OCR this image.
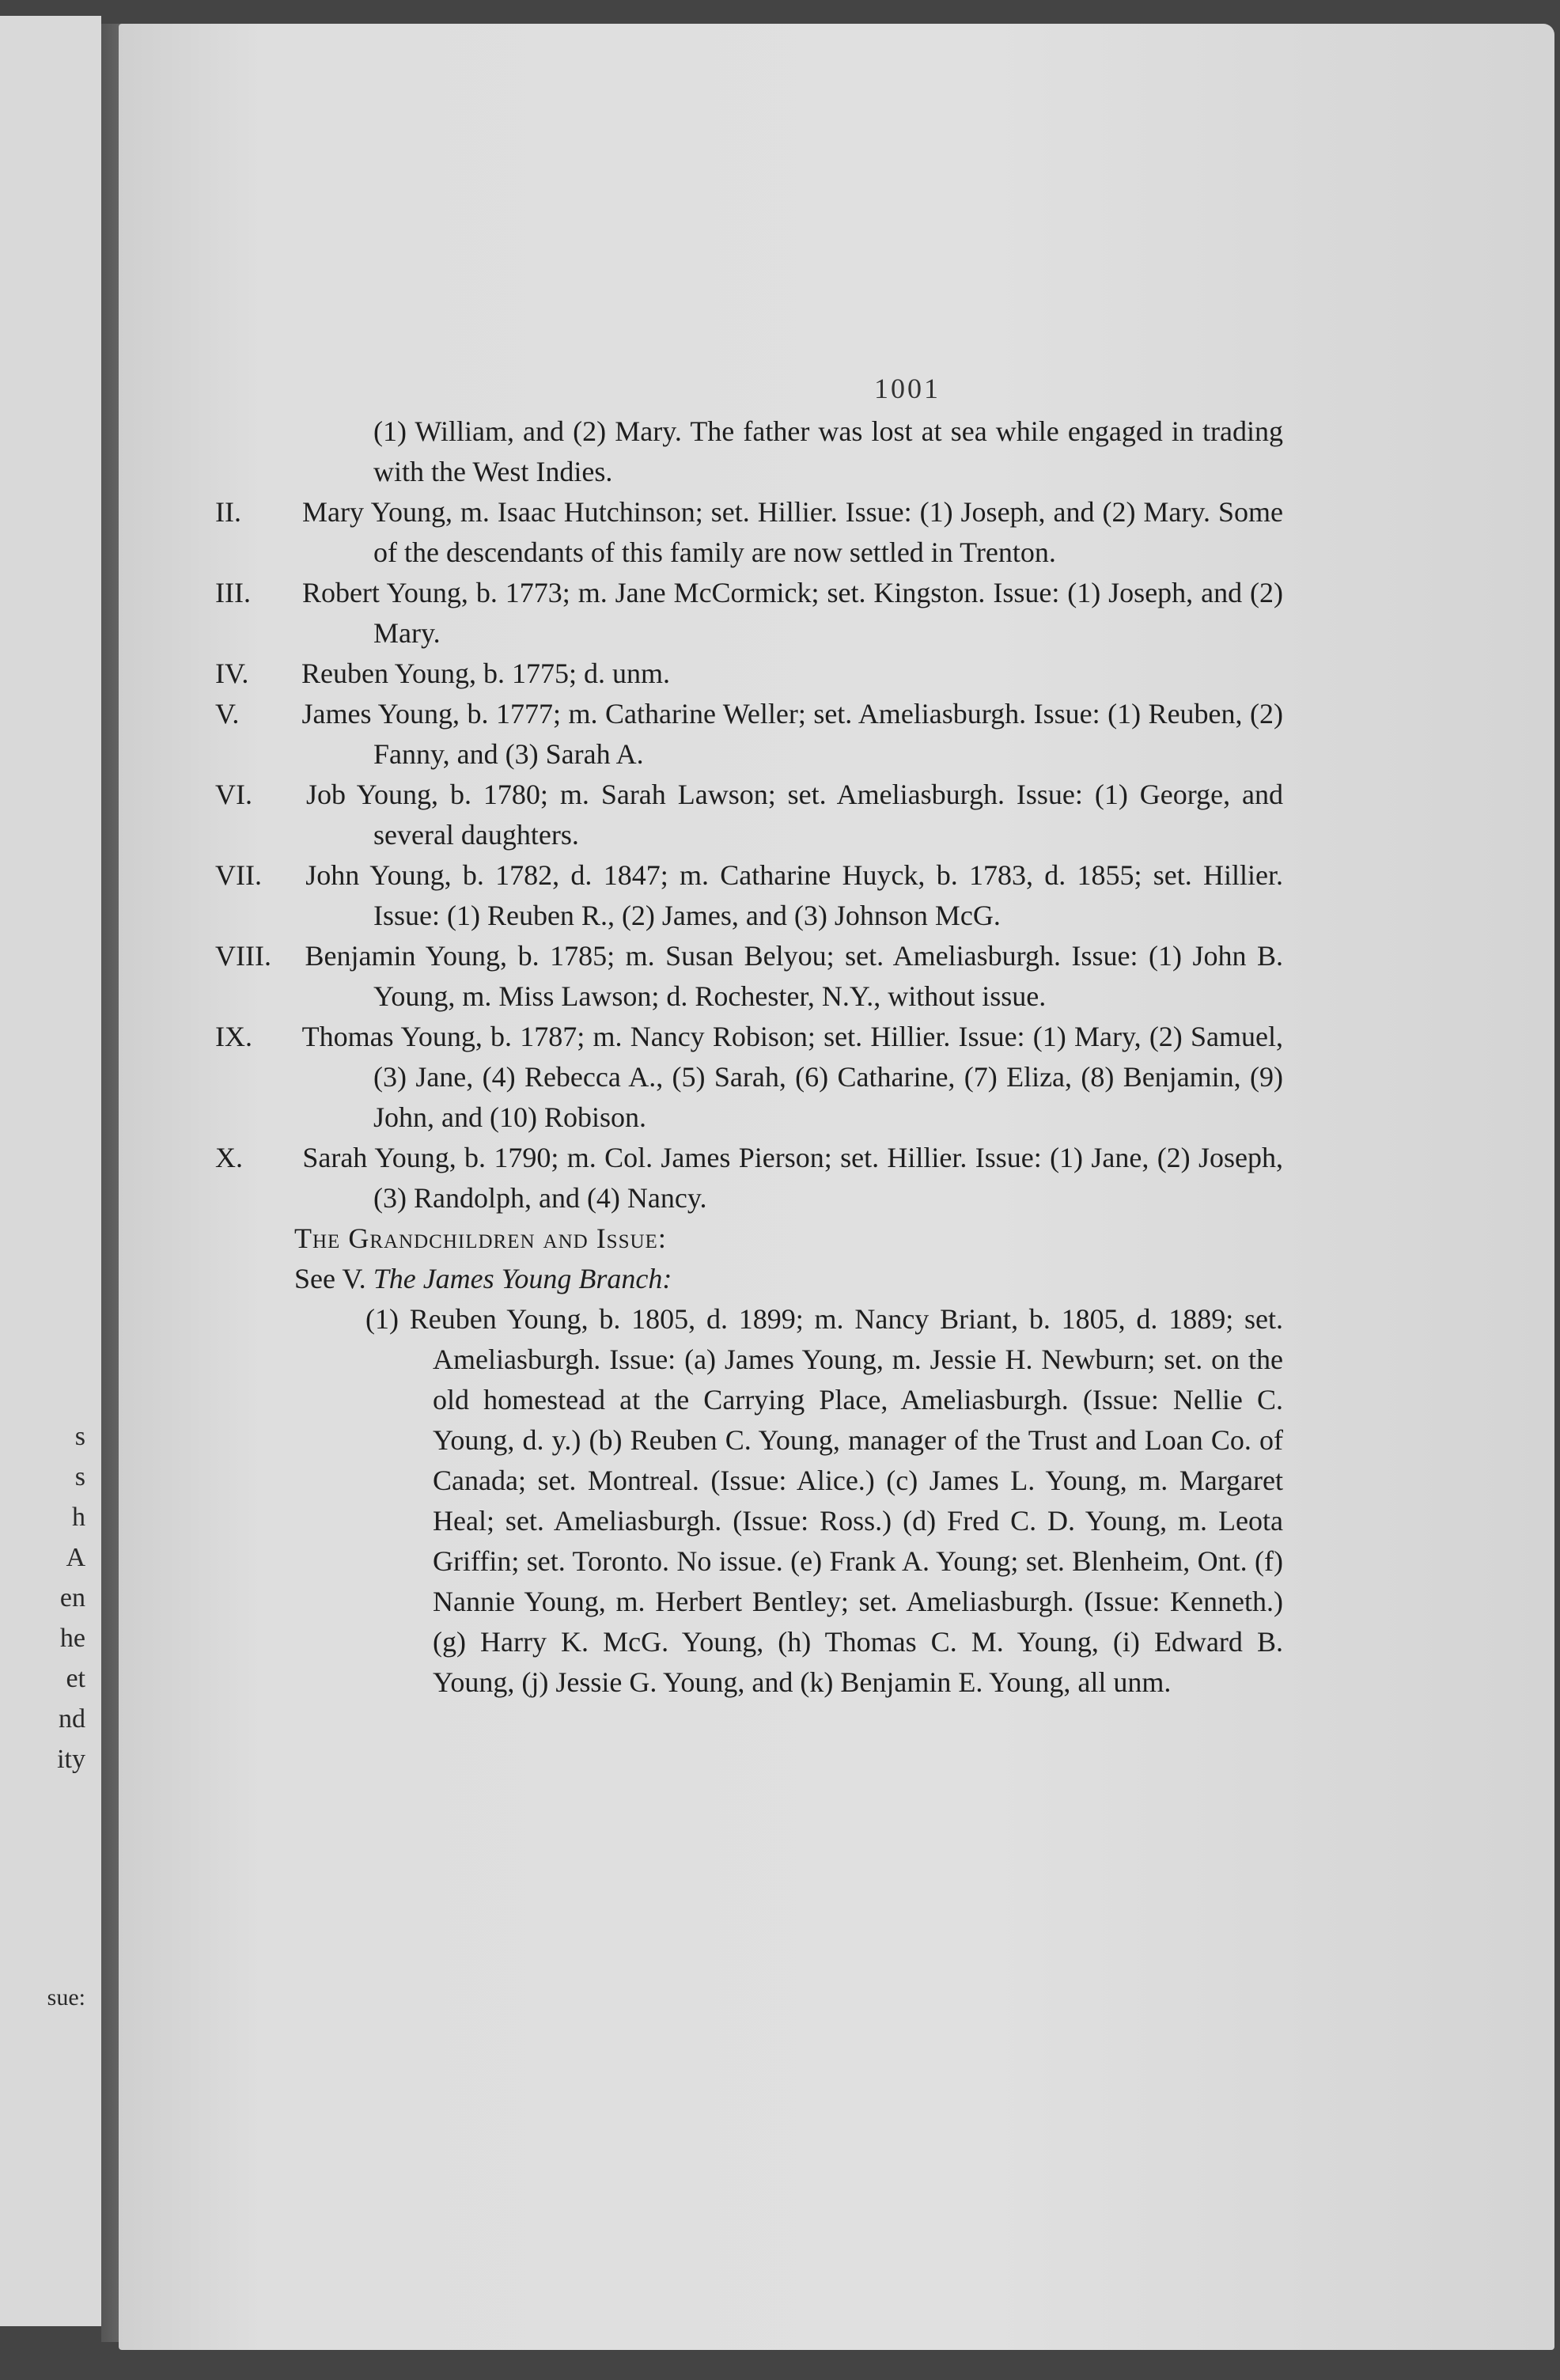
s
s
h
A
en
he
et
nd
ity
sue:
1001

(1) William, and (2) Mary. The father was lost at sea while engaged in trading with the West Indies.

Mary Young, m. Isaac Hutchinson; set. Hillier. Issue: (1) Joseph, and (2) Mary. Some of the descendants of this family are now settled in Trenton.

Robert Young, b. 1773; m. Jane McCormick; set. Kingston. Issue: (1) Joseph, and (2) Mary.

Reuben Young, b. 1775; d. unm.

James Young, b. 1777; m. Catharine Weller; set. Ameliasburgh. Issue: (1) Reuben, (2) Fanny, and (3) Sarah A.

Job Young, b. 1780; m. Sarah Lawson; set. Ameliasburgh. Issue: (1) George, and several daughters.

John Young, b. 1782, d. 1847; m. Catharine Huyck, b. 1783, d. 1855; set. Hillier. Issue: (1) Reuben R., (2) James, and (3) Johnson McG.

Benjamin Young, b. 1785; m. Susan Belyou; set. Ameliasburgh. Issue: (1) John B. Young, m. Miss Lawson; d. Rochester, N.Y., without issue.

Thomas Young, b. 1787; m. Nancy Robison; set. Hillier. Issue: (1) Mary, (2) Samuel, (3) Jane, (4) Rebecca A., (5) Sarah, (6) Catharine, (7) Eliza, (8) Benjamin, (9) John, and (10) Robison.

Sarah Young, b. 1790; m. Col. James Pierson; set. Hillier. Issue: (1) Jane, (2) Joseph, (3) Randolph, and (4) Nancy.

The Grandchildren and Issue:

See V. The James Young Branch:

(1) Reuben Young, b. 1805, d. 1899; m. Nancy Briant, b. 1805, d. 1889; set. Ameliasburgh. Issue: (a) James Young, m. Jessie H. Newburn; set. on the old homestead at the Carrying Place, Ameliasburgh. (Issue: Nellie C. Young, d. y.) (b) Reuben C. Young, manager of the Trust and Loan Co. of Canada; set. Montreal. (Issue: Alice.) (c) James L. Young, m. Margaret Heal; set. Ameliasburgh. (Issue: Ross.) (d) Fred C. D. Young, m. Leota Griffin; set. Toronto. No issue. (e) Frank A. Young; set. Blenheim, Ont. (f) Nannie Young, m. Herbert Bentley; set. Ameliasburgh. (Issue: Kenneth.) (g) Harry K. McG. Young, (h) Thomas C. M. Young, (i) Edward B. Young, (j) Jessie G. Young, and (k) Benjamin E. Young, all unm.
